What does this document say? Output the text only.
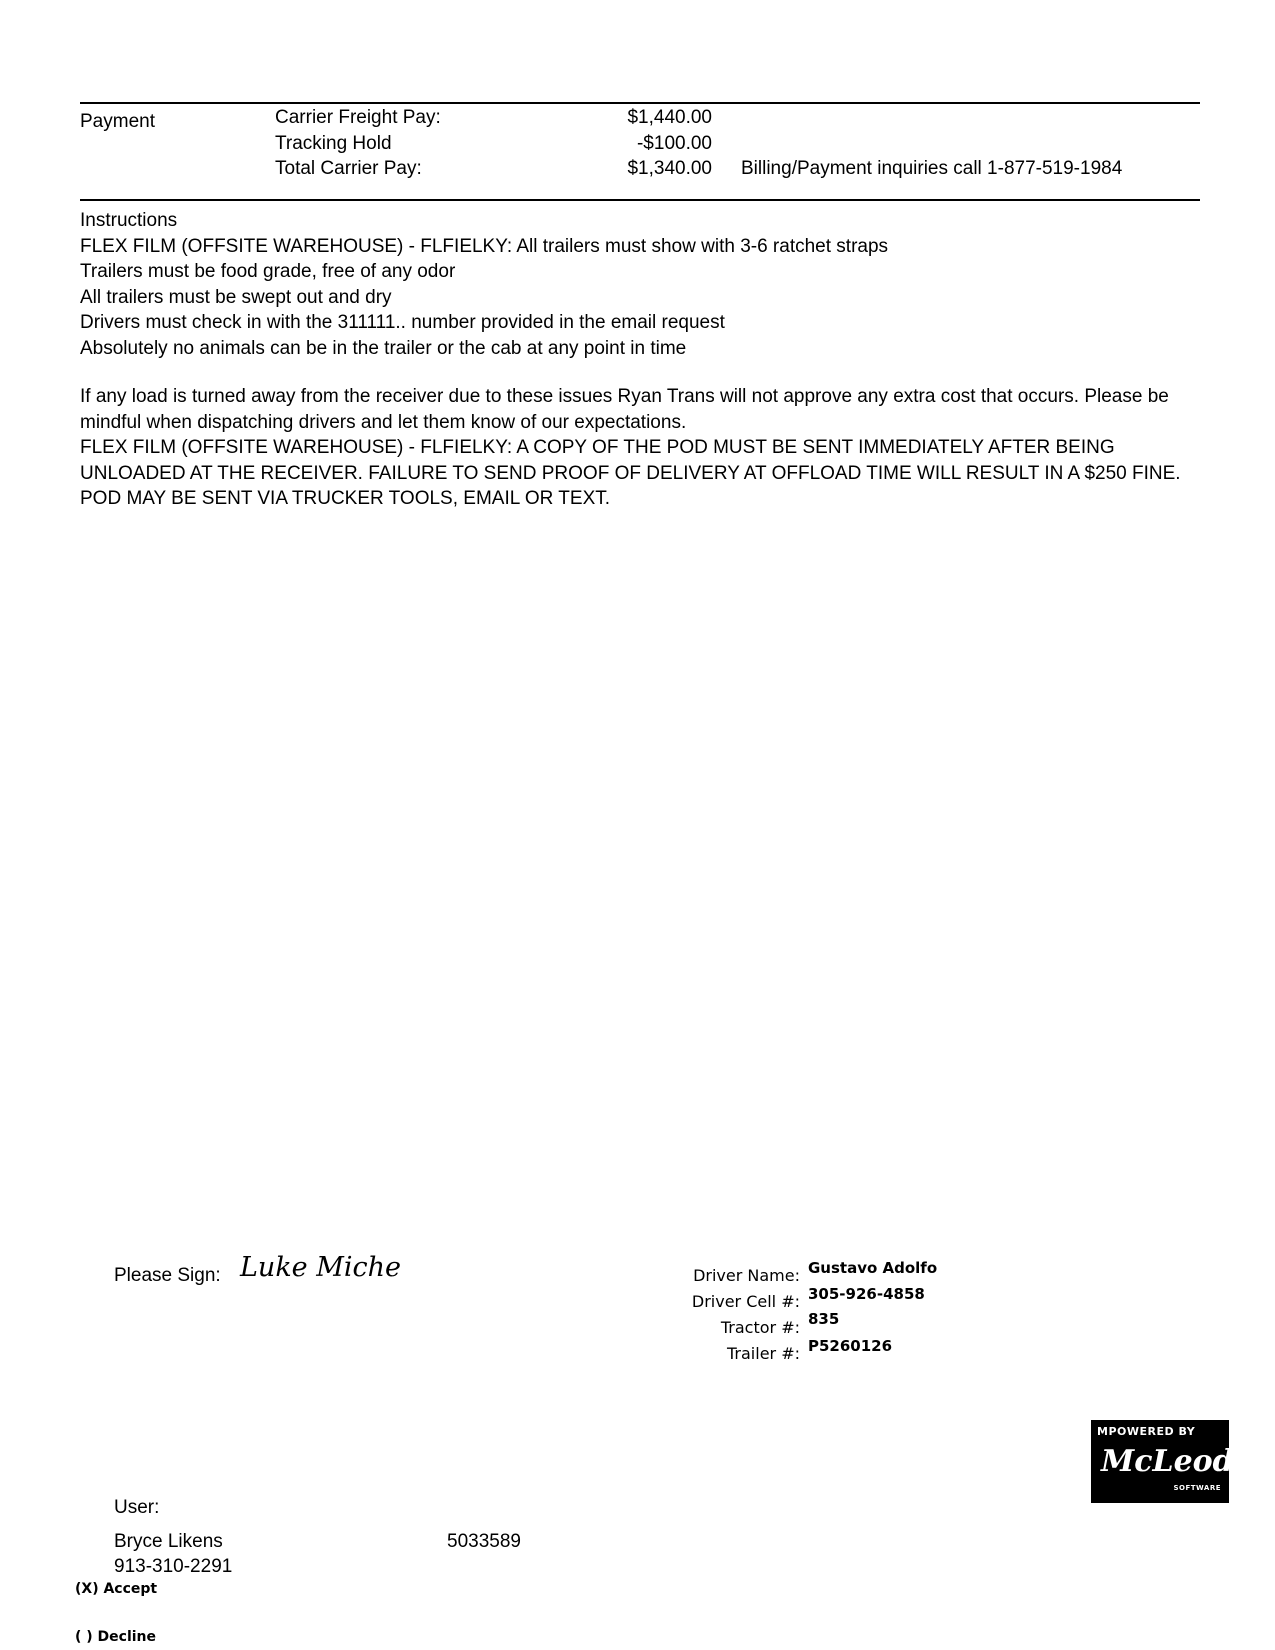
Payment	Carrier Freight Pay:	$1,440.00
Tracking Hold	-$100.00
Total Carrier Pay:	$1,340.00 Billing/Payment inquiries call 1-877-519-1984
Instructions
FLEX FILM (OFFSITE WAREHOUSE) - FLFIELKY: All trailers must show with 3-6 ratchet straps
Trailers must be food grade, free of any odor
All trailers must be swept out and dry
Drivers must check in with the 311111.. number provided in the email request
Absolutely no animals can be in the trailer or the cab at any point in time
If any load is turned away from the receiver due to these issues Ryan Trans will not approve any extra cost that occurs. Please be mindful when dispatching drivers and let them know of our expectations.
FLEX FILM (OFFSITE WAREHOUSE) - FLFIELKY: A COPY OF THE POD MUST BE SENT IMMEDIATELY AFTER BEING UNLOADED AT THE RECEIVER. FAILURE TO SEND PROOF OF DELIVERY AT OFFLOAD TIME WILL RESULT IN A $250 FINE. POD MAY BE SENT VIA TRUCKER TOOLS, EMAIL OR TEXT.
Please Sign: Luke Miche	Driver Name: Gustavo Adolfo
Driver Cell #: 305-926-4858
Tractor #: 835
Trailer #: P5260126
MPOWERED BY
McLeod
SOFTWARE
User:
Bryce Likens
913-310-2291
5033589
(X) Accept
( ) Decline
